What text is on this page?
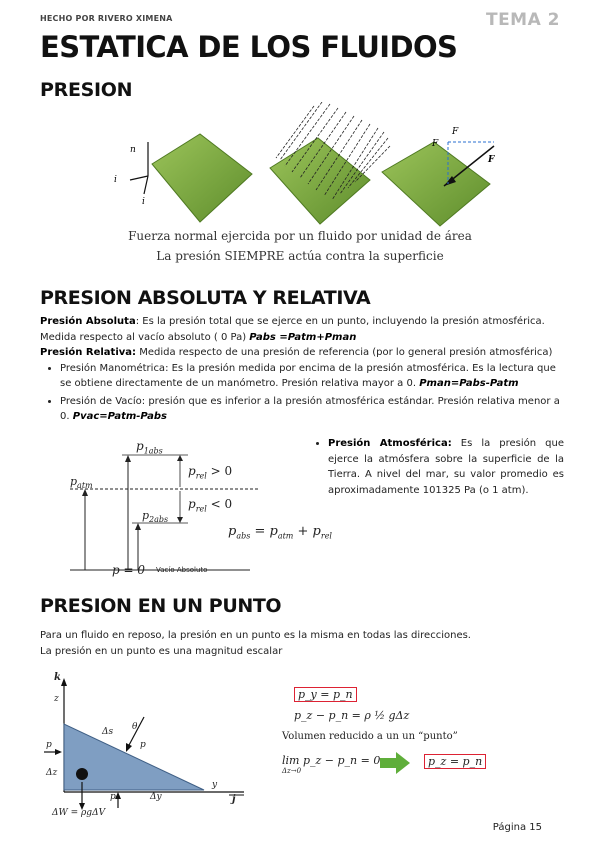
HECHO POR RIVERO XIMENA	TEMA 2
ESTATICA DE LOS FLUIDOS
PRESION
n
i
i
F
F
F
Fuerza normal ejercida por un fluido por unidad de área
La presión SIEMPRE actúa contra la superficie
PRESION ABSOLUTA Y RELATIVA
Presión Absoluta: Es la presión total que se ejerce en un punto, incluyendo la presión atmosférica. Medida respecto al vacío absoluto ( 0 Pa) Pabs =Patm+Pman
Presión Relativa: Medida respecto de una presión de referencia (por lo general presión atmosférica)
• Presión Manométrica: Es la presión medida por encima de la presión atmosférica. Es la lectura que se obtiene directamente de un manómetro. Presión relativa mayor a 0. Pman=Pabs-Patm
• Presión de Vacío: presión que es inferior a la presión atmosférica estándar. Presión relativa menor a 0. Pvac=Patm-Pabs
$p_{1abs}$
$p_{atm}$
$p_{rel} > 0$
$p_{rel} < 0$
$p_{2abs}$
p = 0 Vacío Absoluto
$p_{abs} = p_{atm} + p_{rel}$
• Presión Atmosférica: Es la presión que ejerce la atmósfera sobre la superficie de la Tierra. A nivel del mar, su valor promedio es aproximadamente 101325 Pa (o 1 atm).
PRESION EN UN PUNTO
Para un fluido en reposo, la presión en un punto es la misma en todas las direcciones.
La presión en un punto es una magnitud escalar
k
z
Δs θ
p
p
Δz
Δy
y
j
p
ΔW = ρgΔV
p_y = p_n
p_z − p_n = ρ ½ gΔz
Volumen reducido a un un “punto”
lim p_z − p_n = 0
Δz→0
p_z = p_n
Página 15
